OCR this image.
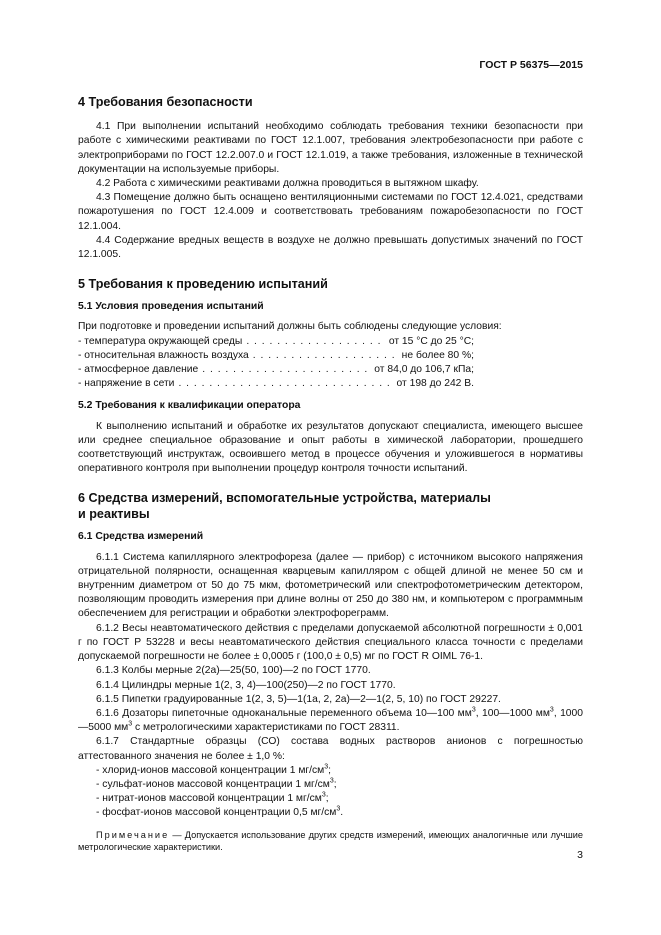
ГОСТ Р 56375—2015

4 Требования безопасности

4.1 При выполнении испытаний необходимо соблюдать требования техники безопасности при работе с химическими реактивами по ГОСТ 12.1.007, требования электробезопасности при работе с электроприборами по ГОСТ 12.2.007.0 и ГОСТ 12.1.019, а также требования, изложенные в технической документации на используемые приборы.

4.2 Работа с химическими реактивами должна проводиться в вытяжном шкафу.

4.3 Помещение должно быть оснащено вентиляционными системами по ГОСТ 12.4.021, средствами пожаротушения по ГОСТ 12.4.009 и соответствовать требованиям пожаробезопасности по ГОСТ 12.1.004.

4.4 Содержание вредных веществ в воздухе не должно превышать допустимых значений по ГОСТ 12.1.005.

5 Требования к проведению испытаний

5.1 Условия проведения испытаний

При подготовке и проведении испытаний должны быть соблюдены следующие условия:

- температура окружающей среды . . .	от 15 °С до 25 °С;
- относительная влажность воздуха . . .	не более 80 %;
- атмосферное давление . . .	от 84,0 до 106,7 кПа;
- напряжение в сети . . .	от 198 до 242 В.

5.2 Требования к квалификации оператора

К выполнению испытаний и обработке их результатов допускают специалиста, имеющего высшее или среднее специальное образование и опыт работы в химической лаборатории, прошедшего соответствующий инструктаж, освоившего метод в процессе обучения и уложившегося в нормативы оперативного контроля при выполнении процедур контроля точности испытаний.

6 Средства измерений, вспомогательные устройства, материалы
и реактивы

6.1 Средства измерений

6.1.1 Система капиллярного электрофореза (далее — прибор) с источником высокого напряжения отрицательной полярности, оснащенная кварцевым капилляром с общей длиной не менее 50 см и внутренним диаметром от 50 до 75 мкм, фотометрический или спектрофотометрическим детектором, позволяющим проводить измерения при длине волны от 250 до 380 нм, и компьютером с программным обеспечением для регистрации и обработки электрофореграмм.

6.1.2 Весы неавтоматического действия с пределами допускаемой абсолютной погрешности ± 0,001 г по ГОСТ Р 53228 и весы неавтоматического действия специального класса точности с пределами допускаемой погрешности не более ± 0,0005 г (100,0 ± 0,5) мг по ГОСТ R OIML 76-1.

6.1.3 Колбы мерные 2(2а)—25(50, 100)—2 по ГОСТ 1770.

6.1.4 Цилиндры мерные 1(2, 3, 4)—100(250)—2 по ГОСТ 1770.

6.1.5 Пипетки градуированные 1(2, 3, 5)—1(1а, 2, 2а)—2—1(2, 5, 10) по ГОСТ 29227.

6.1.6 Дозаторы пипеточные одноканальные переменного объема 10—100 $мм^3$, 100—1000 $мм^3$, 1000—5000 $мм^3$ с метрологическими характеристиками по ГОСТ 28311.

6.1.7 Стандартные образцы (СО) состава водных растворов анионов с погрешностью аттестованного значения не более ± 1,0 %:

- хлорид-ионов массовой концентрации 1 $мг/см^3$;

- сульфат-ионов массовой концентрации 1 $мг/см^3$;

- нитрат-ионов массовой концентрации 1 $мг/см^3$;

- фосфат-ионов массовой концентрации 0,5 $мг/см^3$.

Примечание — Допускается использование других средств измерений, имеющих аналогичные или лучшие метрологические характеристики.

3
